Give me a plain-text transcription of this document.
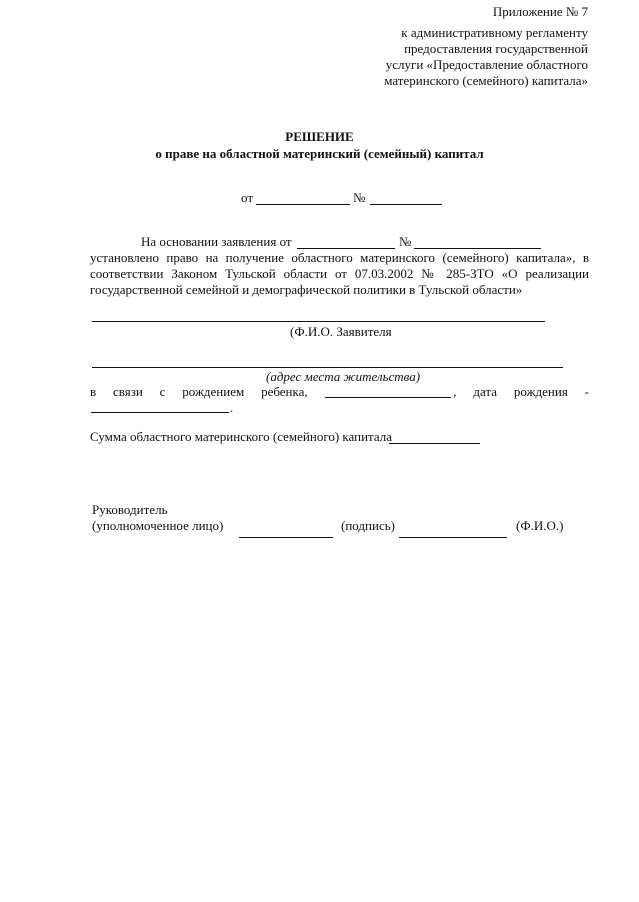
Приложение № 7
к административному регламенту
предоставления государственной
услуги «Предоставление областного
материнского (семейного) капитала»
РЕШЕНИЕ
о праве на областной материнский (семейный) капитал
от	№
На основании заявления от	№
установлено право на получение областного материнского (семейного) капитала», в
соответствии Законом Тульской области от 07.03.2002 № 285-ЗТО «О реализации
государственной семейной и демографической политики в Тульской области»
(Ф.И.О. Заявителя
(адрес места жительства)
в связи с рождением ребенка,	, дата рождения -
.
Сумма областного материнского (семейного) капитала
Руководитель
(уполномоченное лицо)	(подпись)	(Ф.И.О.)
